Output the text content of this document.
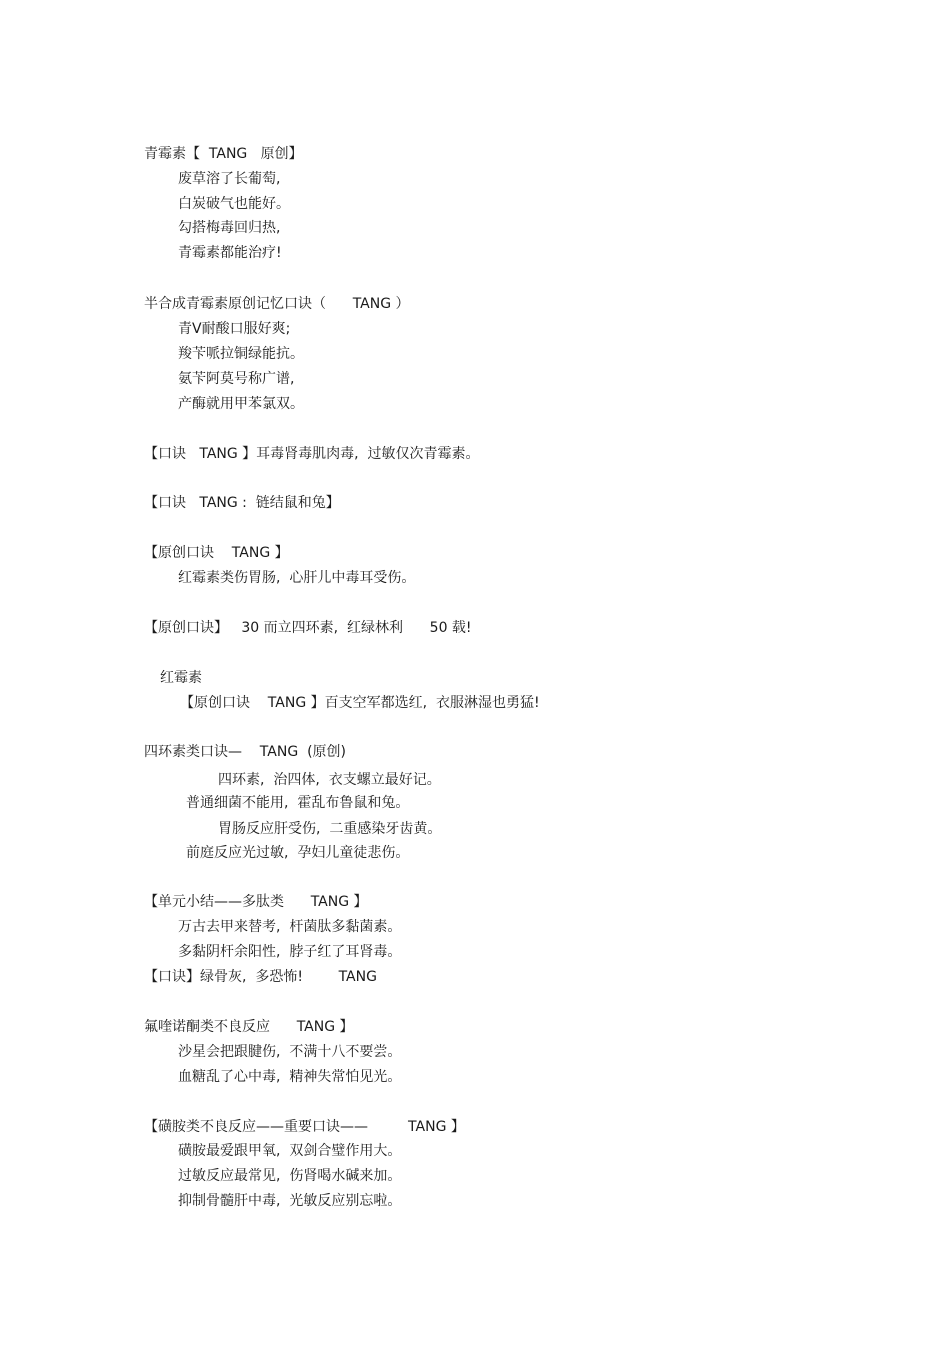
青霉素【  TANG   原创】
废草溶了长葡萄,
白炭破气也能好。
勾搭梅毒回归热,
青霉素都能治疗!
半合成青霉素原创记忆口诀（      TANG ）
青Ⅴ耐酸口服好爽;
羧苄哌拉铜绿能抗。
氨苄阿莫号称广谱,
产酶就用甲苯氯双。
【口诀   TANG 】耳毒肾毒肌肉毒,  过敏仅次青霉素。
【口诀   TANG :  链结鼠和兔】
【原创口诀    TANG 】
红霉素类伤胃肠,  心肝儿中毒耳受伤。
【原创口诀】   30 而立四环素,  红绿林利      50 载!
红霉素
【原创口诀    TANG 】百支空军都选红,  衣服淋湿也勇猛!
四环素类口诀—    TANG  (原创)
四环素,  治四体,  衣支螺立最好记。
普通细菌不能用,  霍乱布鲁鼠和兔。
胃肠反应肝受伤,  二重感染牙齿黄。
前庭反应光过敏,  孕妇儿童徒悲伤。
【单元小结——多肽类      TANG 】
万古去甲来替考,  杆菌肽多黏菌素。
多黏阴杆余阳性,  脖子红了耳肾毒。
【口诀】绿骨灰,  多恐怖!        TANG
氟喹诺酮类不良反应      TANG 】
沙星会把跟腱伤,  不满十八不要尝。
血糖乱了心中毒,  精神失常怕见光。
【磺胺类不良反应——重要口诀——         TANG 】
磺胺最爱跟甲氧,  双剑合璧作用大。
过敏反应最常见,  伤肾喝水碱来加。
抑制骨髓肝中毒,  光敏反应别忘啦。
